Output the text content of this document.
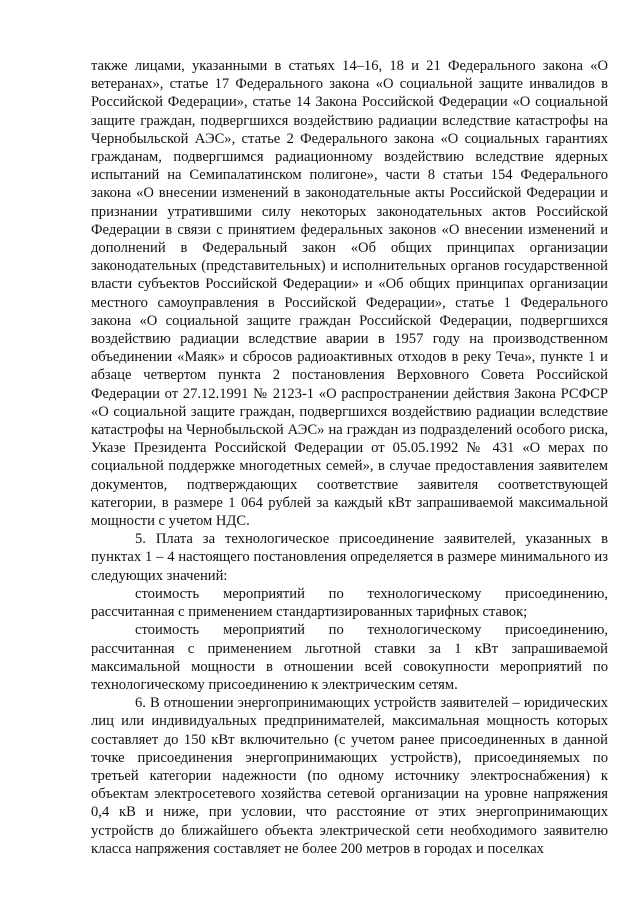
также лицами, указанными в статьях 14–16, 18 и 21 Федерального закона «О ветеранах», статье 17 Федерального закона «О социальной защите инвалидов в Российской Федерации», статье 14 Закона Российской Федерации «О социальной защите граждан, подвергшихся воздействию радиации вследствие катастрофы на Чернобыльской АЭС», статье 2 Федерального закона «О социальных гарантиях гражданам, подвергшимся радиационному воздействию вследствие ядерных испытаний на Семипалатинском полигоне», части 8 статьи 154 Федерального закона «О внесении изменений в законодательные акты Российской Федерации и признании утратившими силу некоторых законодательных актов Российской Федерации в связи с принятием федеральных законов «О внесении изменений и дополнений в Федеральный закон «Об общих принципах организации законодательных (представительных) и исполнительных органов государственной власти субъектов Российской Федерации» и «Об общих принципах организации местного самоуправления в Российской Федерации», статье 1 Федерального закона «О социальной защите граждан Российской Федерации, подвергшихся воздействию радиации вследствие аварии в 1957 году на производственном объединении «Маяк» и сбросов радиоактивных отходов в реку Теча», пункте 1 и абзаце четвертом пункта 2 постановления Верховного Совета Российской Федерации от 27.12.1991 № 2123-1 «О распространении действия Закона РСФСР «О социальной защите граждан, подвергшихся воздействию радиации вследствие катастрофы на Чернобыльской АЭС» на граждан из подразделений особого риска, Указе Президента Российской Федерации от 05.05.1992 № 431 «О мерах по социальной поддержке многодетных семей», в случае предоставления заявителем документов, подтверждающих соответствие заявителя соответствующей категории, в размере 1 064 рублей за каждый кВт запрашиваемой максимальной мощности с учетом НДС.

5. Плата за технологическое присоединение заявителей, указанных в пунктах 1 – 4 настоящего постановления определяется в размере минимального из следующих значений:

стоимость мероприятий по технологическому присоединению, рассчитанная с применением стандартизированных тарифных ставок;

стоимость мероприятий по технологическому присоединению, рассчитанная с применением льготной ставки за 1 кВт запрашиваемой максимальной мощности в отношении всей совокупности мероприятий по технологическому присоединению к электрическим сетям.

6. В отношении энергопринимающих устройств заявителей – юридических лиц или индивидуальных предпринимателей, максимальная мощность которых составляет до 150 кВт включительно (с учетом ранее присоединенных в данной точке присоединения энергопринимающих устройств), присоединяемых по третьей категории надежности (по одному источнику электроснабжения) к объектам электросетевого хозяйства сетевой организации на уровне напряжения 0,4 кВ и ниже, при условии, что расстояние от этих энергопринимающих устройств до ближайшего объекта электрической сети необходимого заявителю класса напряжения составляет не более 200 метров в городах и поселках
